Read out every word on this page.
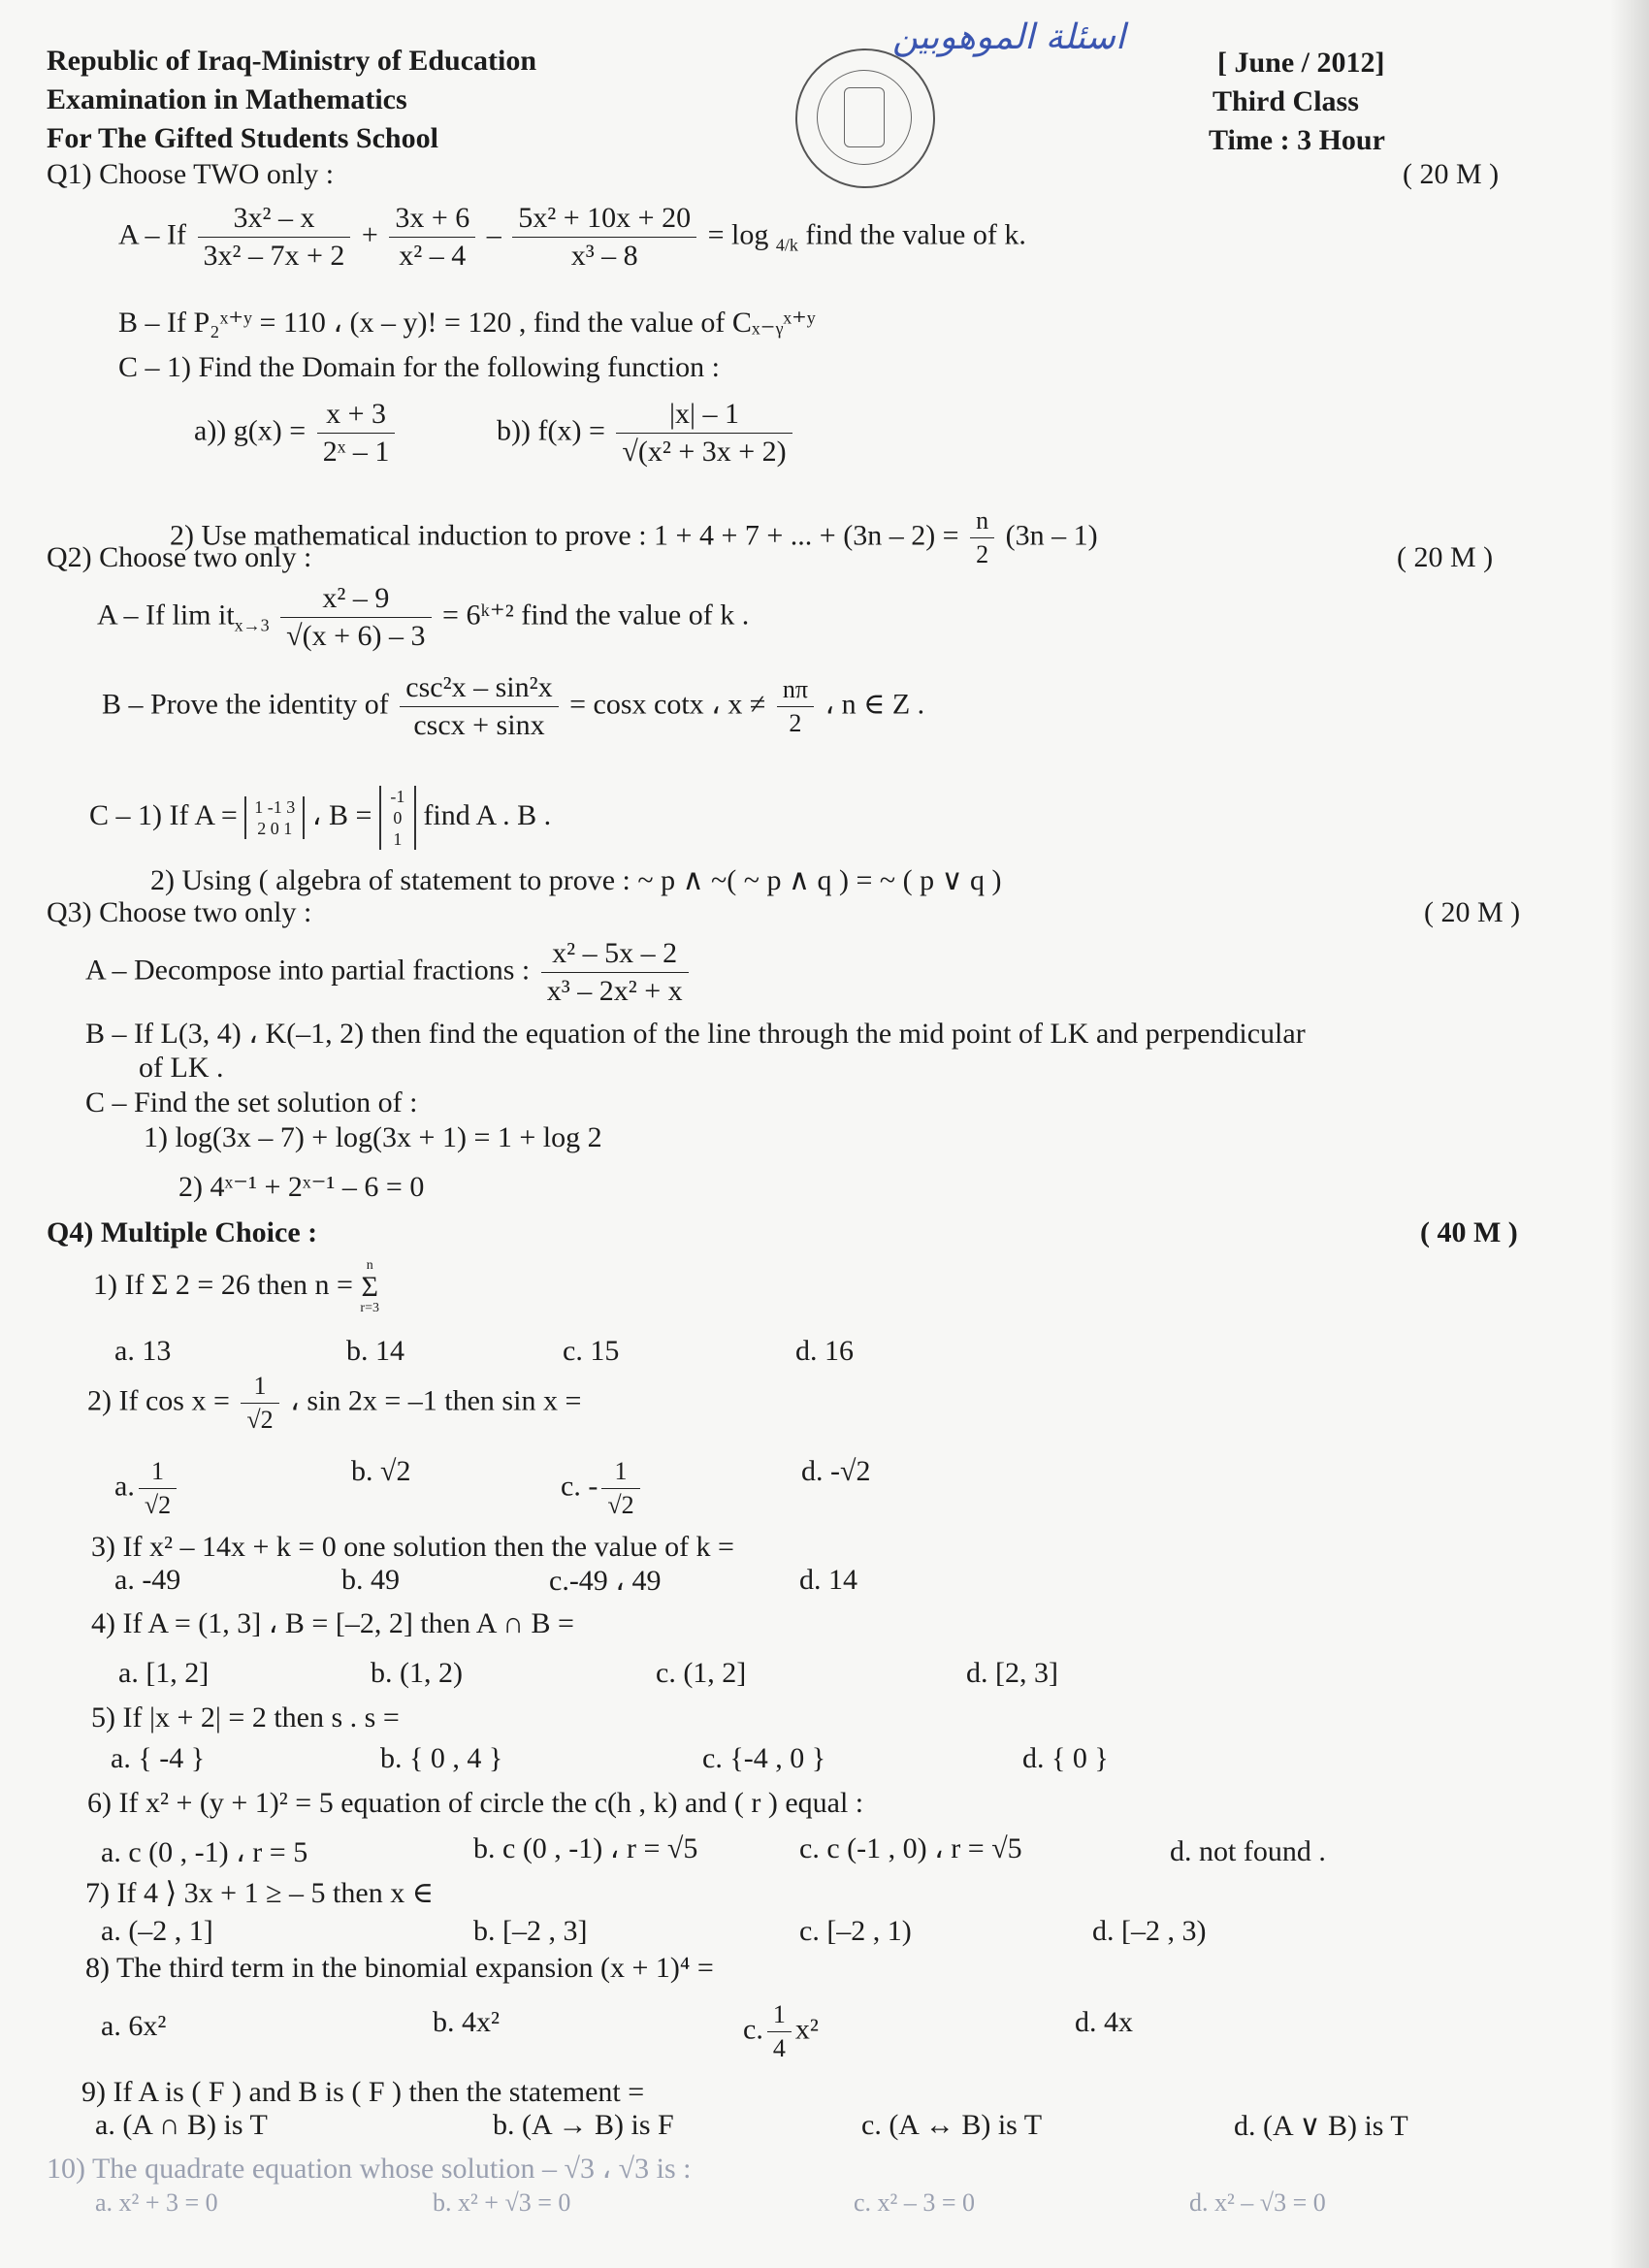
Republic of Iraq-Ministry of Education
Examination in Mathematics
For The Gifted Students School
اسئلة الموهوبين
[ June / 2012]
Third Class
Time : 3 Hour
Q1) Choose TWO only :	( 20 M )
A – If $\frac{\text{3x² – x}}{\text{3x² – 7x + 2}} + \frac{3x + 6}{\text{x² – 4}} - \frac{\text{5x² + 10x + 20}}{\text{x³ – 8}} = \log _{4/k}$ find the value of k.
B – If P₂ˣ⁺ʸ = 110 ، (x – y)! = 120 , find the value of Cₓ₋ᵧˣ⁺ʸ
C – 1) Find the Domain for the following function :
a)) $g(x) = \frac{x + 3}{\text{2ˣ – 1}}$	b)) $f(x) = \frac{|x| - 1}{\text{√(x² + 3x + 2)}}$
2) Use mathematical induction to prove : 1 + 4 + 7 + ... + $(3n - 2) = \frac{n}{2} (3n - 1)$
Q2) Choose two only :	( 20 M )
A – If $\lim it_{x\to 3} \frac{\text{x² – 9}}{√(x + 6) - 3}$ = 6ᵏ⁺² find the value of k .
B – Prove the identity of $\frac{\text{csc²x – sin²x}}{\csc x + \sin x} = \cos x$ cotx ، $x \ne \frac{n\pi}{2}$ ، n ∈ Z .
C – 1) If A = 1 -1 3
2 0 1 ، B = -1 0 1 find A . B .
2) Using ( algebra of statement to prove : ~ p ∧ ~( ~ p ∧ q ) = ~ ( p ∨ q )
Q3) Choose two only :	( 20 M )
A – Decompose into partial fractions : $\frac{\text{x² – 5x – 2}}{\text{x³ – 2x² + x}}$
B – If L(3, 4) ، K(–1, 2) then find the equation of the line through the mid point of LK and perpendicular
of LK .
C – Find the set solution of :
1) log(3x – 7) + log(3x + 1) = 1 + log 2
2) 4ˣ⁻¹ + 2ˣ⁻¹ – 6 = 0
Q4) Multiple Choice :	( 40 M )
1) If Σ 2 = 26 then n = n
Σ
r=3
a. 13	b. 14	c. 15	d. 16
2) If $\cos x = \frac{1}{√2}$ ، sin 2x = –1 then sin x =
a. $\frac{1}{√2}$	b. √2	c. - $\frac{1}{√2}$	d. -√2
3) If x² – 14x + k = 0 one solution then the value of k =
a. -49	b. 49	c.-49 ، 49	d. 14
4) If A = (1, 3] ، B = [–2, 2] then A ∩ B =
a. [1, 2]	b. (1, 2)	c. (1, 2]	d. [2, 3]
5) If |x + 2| = 2 then s . s =
a. { -4 }	b. { 0 , 4 }	c. {-4 , 0 }	d. { 0 }
6) If x² + (y + 1)² = 5 equation of circle the c(h , k) and ( r ) equal :
a. c (0 , -1) ، r = 5	b. c (0 , -1) ، r = √5	c. c (-1 , 0) ، r = √5	d. not found .
7) If 4 ⟩ 3x + 1 ≥ – 5 then x ∈
a. (–2 , 1]	b. [–2 , 3]	c. [–2 , 1)	d. [–2 , 3)
8) The third term in the binomial expansion (x + 1)⁴ =
a. 6x²	b. 4x²	c. $\frac{1}{4} x^2$	d. 4x
9) If A is ( F ) and B is ( F ) then the statement =
a. (A ∩ B) is T	b. (A → B) is F	c. (A ↔ B) is T	d. (A ∨ B) is T
10) The quadrate equation whose solution – √3 ، √3 is :
a. x² + 3 = 0	b. x² + √3 = 0	c. x² – 3 = 0	d. x² – √3 = 0
